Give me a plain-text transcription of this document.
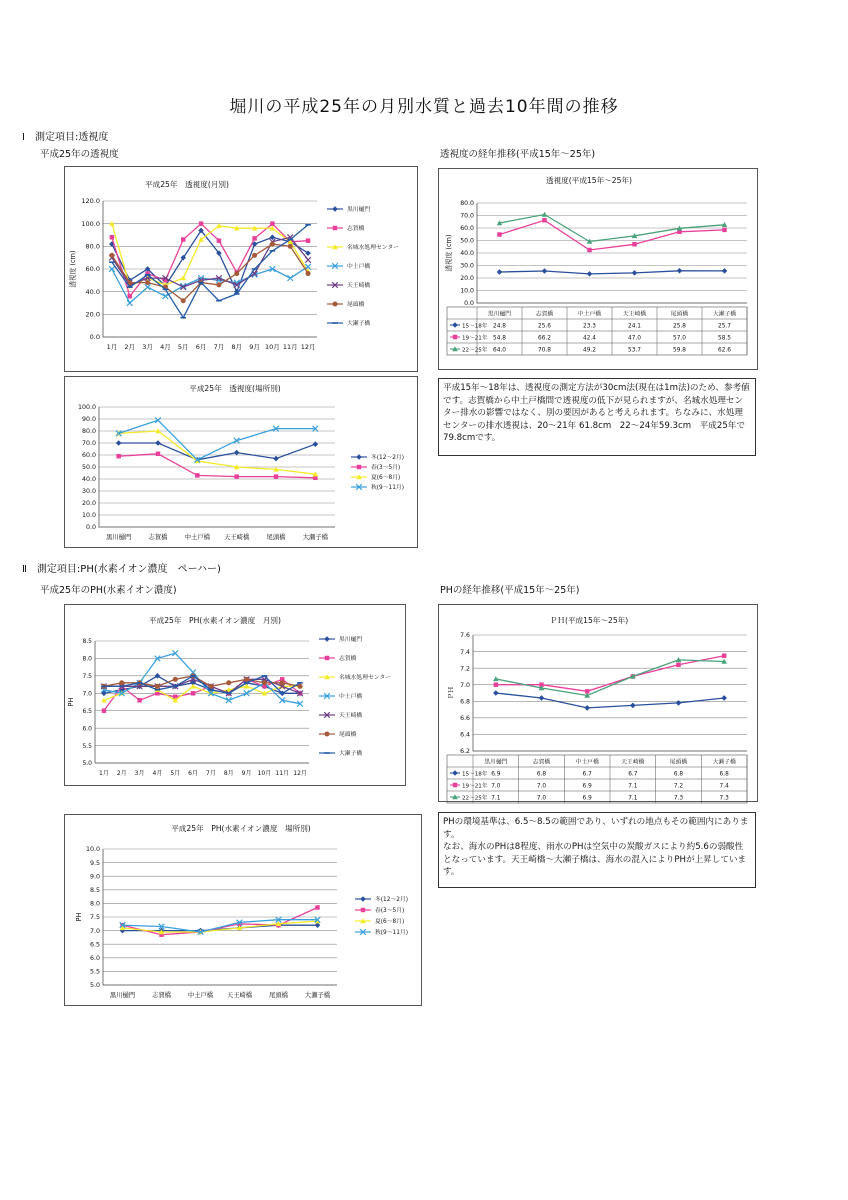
堀川の平成25年の月別水質と過去10年間の推移
Ⅰ　測定項目:透視度
平成25年の透視度	透視度の経年推移(平成15年～25年)
Ⅱ　測定項目:PH(水素イオン濃度　ペーハー)
平成25年のPH(水素イオン濃度)	PHの経年推移(平成15年～25年)
平成25年　透視度(月別)
0.0
20.0
40.0
60.0
80.0
100.0
120.0
透視度 (cm)
1月 2月 3月 4月 5月 6月 7月 8月 9月 10月 11月 12月
黒川樋門
志賀橋
名城水処理センター
中土戸橋
天王崎橋
尾頭橋
大瀬子橋
平成25年　透視度(場所別)
0.0
10.0
20.0
30.0
40.0
50.0
60.0
70.0
80.0
90.0
100.0
黒川樋門	志賀橋	中土戸橋 天王崎橋	尾頭橋	大瀬子橋
冬(12～2月)
春(3～5月)
夏(6～8月)
秋(9～11月)
透視度(平成15年～25年)
0.0
10.0
20.0
30.0
40.0
50.0
60.0
70.0
80.0
透視度 (cm)
黒川樋門	志賀橋	中土戸橋	天王崎橋	尾頭橋	大瀬子橋
15～18年 24.8	25.6	23.3	24.1	25.8	25.7
19～21年 54.8	66.2	42.4	47.0	57.0	58.5
22～25年 64.0	70.8	49.2	53.7	59.8	62.6
平成25年　PH(水素イオン濃度　月別)
5.0
5.5
6.0
6.5
7.0
7.5
8.0
8.5
PH
1月 2月 3月 4月 5月 6月 7月 8月 9月 10月 11月 12月
黒川樋門
志賀橋
名城水処理センター
中土戸橋
天王崎橋
尾頭橋
大瀬子橋
平成25年　PH(水素イオン濃度　場所別)
5.0
5.5
6.0
6.5
7.0
7.5
8.0
8.5
9.0
9.5
10.0
PH
黒川樋門	志賀橋	中土戸橋 天王崎橋	尾頭橋	大瀬子橋
冬(12～2月)
春(3～5月)
夏(6～8月)
秋(9～11月)
ＰＨ(平成15年～25年)
6.2
6.4
6.6
6.8
7.0
7.2
7.4
7.6
ＰＨ
黒川樋門	志賀橋	中土戸橋	天王崎橋	尾頭橋	大瀬子橋
15～18年 6.9	6.8	6.7	6.7	6.8	6.8
19～21年 7.0	7.0	6.9	7.1	7.2	7.4
22～25年 7.1	7.0	6.9	7.1	7.3	7.3
平成15年～18年は、透視度の測定方法が30cm法(現在は1m法)のため、参考値です。志賀橋から中土戸橋間で透視度の低下が見られますが、名城水処理センター排水の影響ではなく、別の要因があると考えられます。ちなみに、水処理センターの排水透視は、20～21年 61.8cm　22～24年59.3cm　平成25年で79.8cmです。
PHの環境基準は、6.5～8.5の範囲であり、いずれの地点もその範囲内にあります。
なお、海水のPHは8程度、雨水のPHは空気中の炭酸ガスにより約5.6の弱酸性となっています。天王崎橋～大瀬子橋は、海水の混入によりPHが上昇しています。
